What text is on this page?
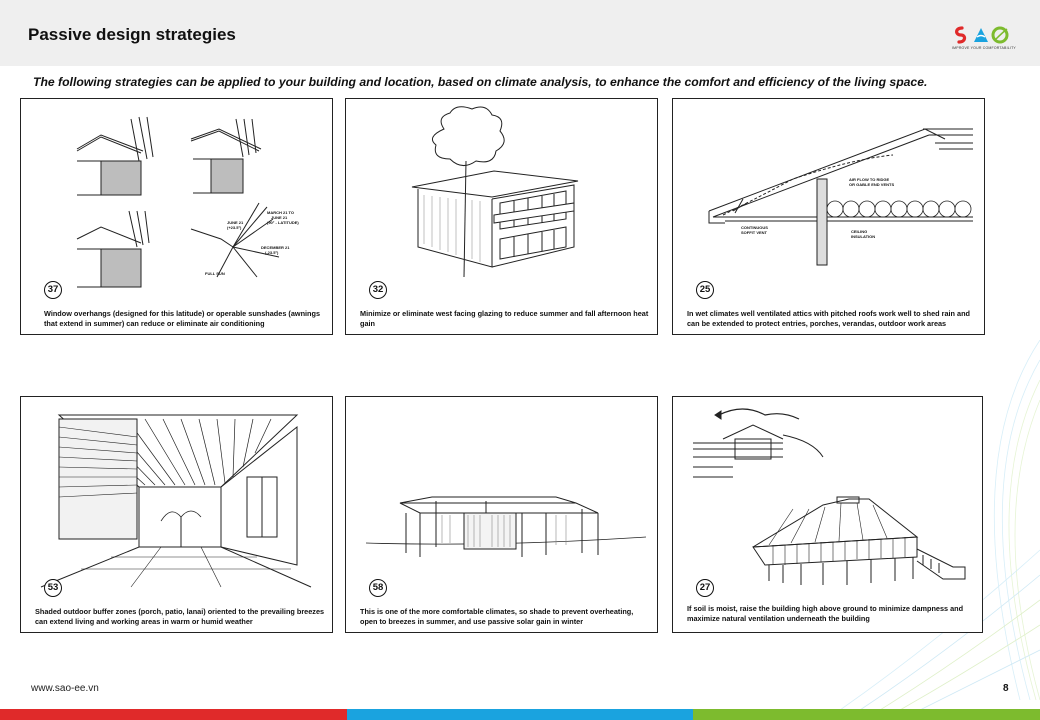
Passive design strategies
IMPROVE YOUR COMFORTABILITY
The following strategies can be applied to your building and location, based on climate analysis, to enhance the comfort and efficiency of the living space.
JUNE 21
(+23.5°)
MARCH 21 TO
JUNE 21
(90° - LATITUDE)
DECEMBER 21
(-23.5°)
FULL SUN
37
Window overhangs (designed for this latitude) or operable sunshades (awnings that extend in summer) can reduce or eliminate air conditioning
32
Minimize or eliminate west facing glazing to reduce summer and fall afternoon heat gain
AIR FLOW TO RIDGE
OR GABLE END VENTS
CONTINUOUS
SOFFIT VENT	CEILING
INSULATION
25
In wet climates well ventilated attics with pitched roofs work well to shed rain and can be extended to protect entries, porches, verandas, outdoor work areas
53
Shaded outdoor buffer zones (porch, patio, lanai) oriented to the prevailing breezes can extend living and working areas in warm or humid weather
58
This is one of the more comfortable climates, so shade to prevent overheating, open to breezes in summer, and use passive solar gain in winter
27
If soil is moist, raise the building high above ground to minimize dampness and maximize natural ventilation underneath the building
www.sao-ee.vn	8
